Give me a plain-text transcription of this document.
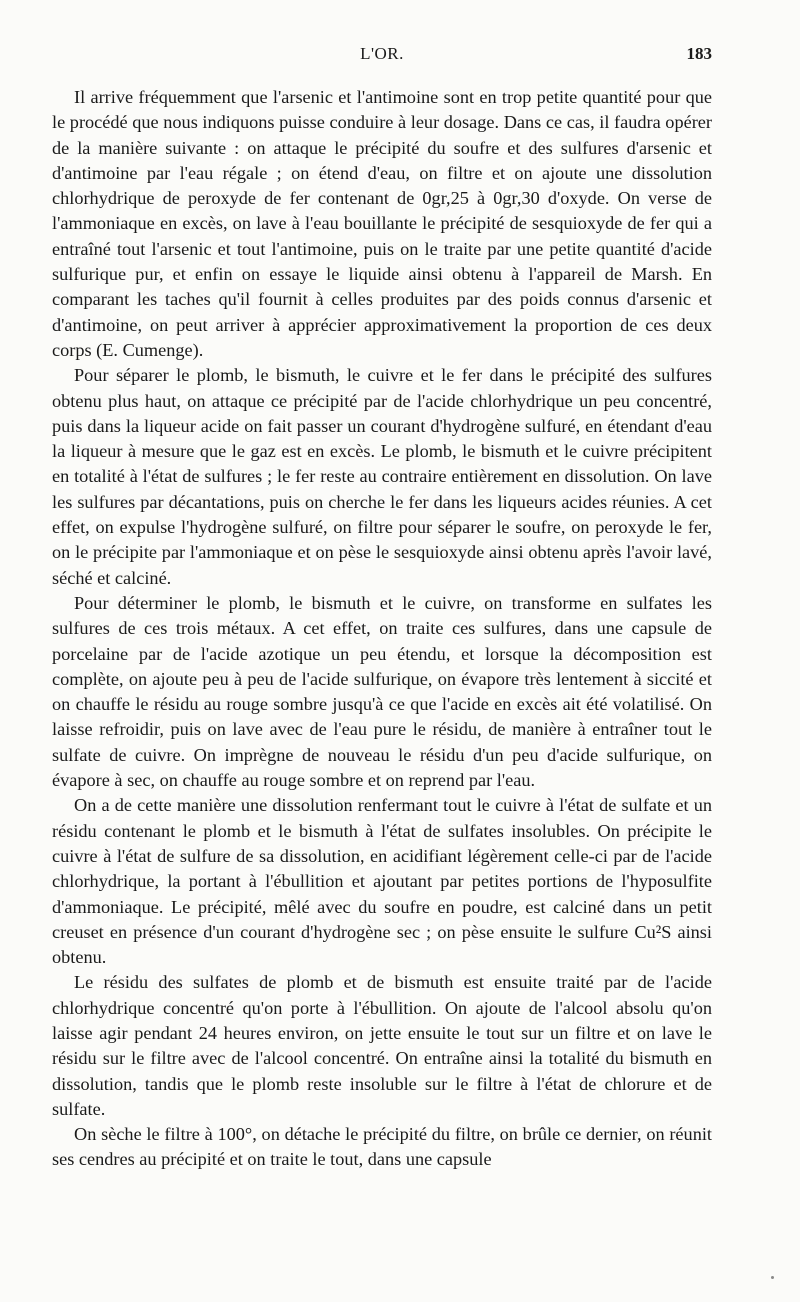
L'OR.	183

Il arrive fréquemment que l'arsenic et l'antimoine sont en trop petite quantité pour que le procédé que nous indiquons puisse conduire à leur dosage. Dans ce cas, il faudra opérer de la manière suivante : on attaque le précipité du soufre et des sulfures d'arsenic et d'antimoine par l'eau régale ; on étend d'eau, on filtre et on ajoute une dissolution chlorhydrique de peroxyde de fer contenant de 0gr,25 à 0gr,30 d'oxyde. On verse de l'ammoniaque en excès, on lave à l'eau bouillante le précipité de sesquioxyde de fer qui a entraîné tout l'arsenic et tout l'antimoine, puis on le traite par une petite quantité d'acide sulfurique pur, et enfin on essaye le liquide ainsi obtenu à l'appareil de Marsh. En comparant les taches qu'il fournit à celles produites par des poids connus d'arsenic et d'antimoine, on peut arriver à apprécier approximativement la proportion de ces deux corps (E. Cumenge).

Pour séparer le plomb, le bismuth, le cuivre et le fer dans le précipité des sulfures obtenu plus haut, on attaque ce précipité par de l'acide chlorhydrique un peu concentré, puis dans la liqueur acide on fait passer un courant d'hydrogène sulfuré, en étendant d'eau la liqueur à mesure que le gaz est en excès. Le plomb, le bismuth et le cuivre précipitent en totalité à l'état de sulfures ; le fer reste au contraire entièrement en dissolution. On lave les sulfures par décantations, puis on cherche le fer dans les liqueurs acides réunies. A cet effet, on expulse l'hydrogène sulfuré, on filtre pour séparer le soufre, on peroxyde le fer, on le précipite par l'ammoniaque et on pèse le sesquioxyde ainsi obtenu après l'avoir lavé, séché et calciné.

Pour déterminer le plomb, le bismuth et le cuivre, on transforme en sulfates les sulfures de ces trois métaux. A cet effet, on traite ces sulfures, dans une capsule de porcelaine par de l'acide azotique un peu étendu, et lorsque la décomposition est complète, on ajoute peu à peu de l'acide sulfurique, on évapore très lentement à siccité et on chauffe le résidu au rouge sombre jusqu'à ce que l'acide en excès ait été volatilisé. On laisse refroidir, puis on lave avec de l'eau pure le résidu, de manière à entraîner tout le sulfate de cuivre. On imprègne de nouveau le résidu d'un peu d'acide sulfurique, on évapore à sec, on chauffe au rouge sombre et on reprend par l'eau.

On a de cette manière une dissolution renfermant tout le cuivre à l'état de sulfate et un résidu contenant le plomb et le bismuth à l'état de sulfates insolubles. On précipite le cuivre à l'état de sulfure de sa dissolution, en acidifiant légèrement celle-ci par de l'acide chlorhydrique, la portant à l'ébullition et ajoutant par petites portions de l'hyposulfite d'ammoniaque. Le précipité, mêlé avec du soufre en poudre, est calciné dans un petit creuset en présence d'un courant d'hydrogène sec ; on pèse ensuite le sulfure Cu²S ainsi obtenu.

Le résidu des sulfates de plomb et de bismuth est ensuite traité par de l'acide chlorhydrique concentré qu'on porte à l'ébullition. On ajoute de l'alcool absolu qu'on laisse agir pendant 24 heures environ, on jette ensuite le tout sur un filtre et on lave le résidu sur le filtre avec de l'alcool concentré. On entraîne ainsi la totalité du bismuth en dissolution, tandis que le plomb reste insoluble sur le filtre à l'état de chlorure et de sulfate.

On sèche le filtre à 100°, on détache le précipité du filtre, on brûle ce dernier, on réunit ses cendres au précipité et on traite le tout, dans une capsule
